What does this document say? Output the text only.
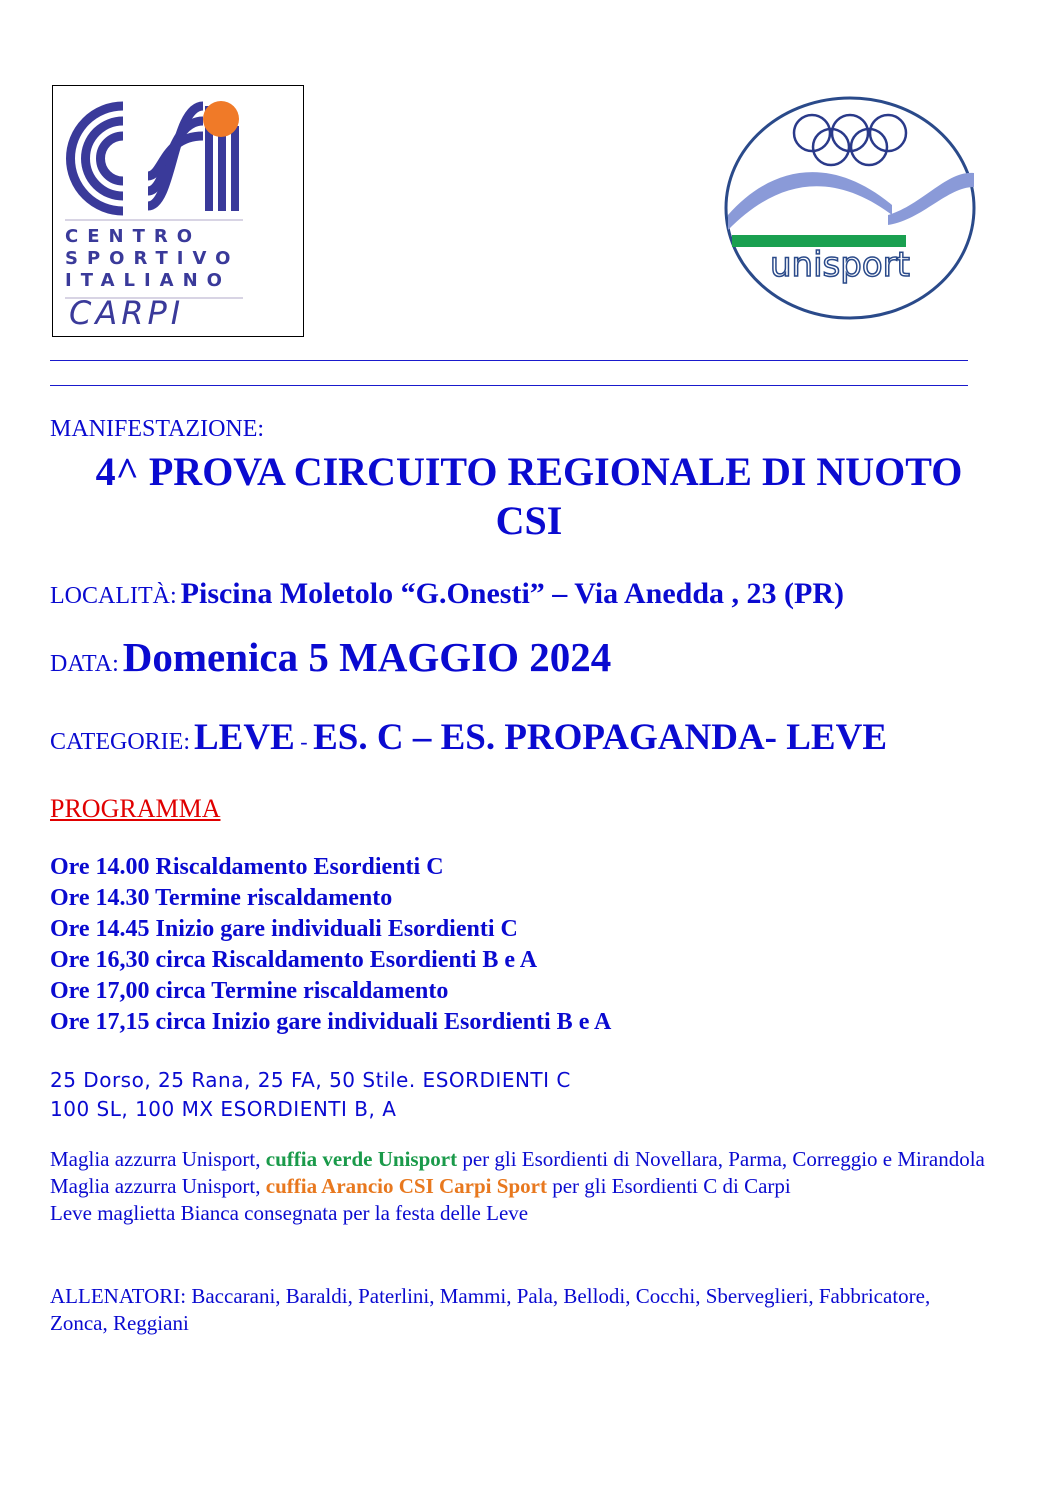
CENTRO
SPORTIVO
ITALIANO
CARPI
unisport
MANIFESTAZIONE:
4^ PROVA CIRCUITO REGIONALE DI NUOTO
CSI
LOCALITÀ: Piscina Moletolo “G.Onesti” – Via Anedda , 23 (PR)
DATA: Domenica 5 MAGGIO 2024
CATEGORIE: LEVE - ES. C – ES. PROPAGANDA- LEVE
PROGRAMMA
Ore 14.00 Riscaldamento Esordienti C
Ore 14.30 Termine riscaldamento
Ore 14.45 Inizio gare individuali Esordienti C
Ore 16,30 circa Riscaldamento Esordienti B e A
Ore 17,00 circa Termine riscaldamento
Ore 17,15 circa Inizio gare individuali Esordienti B e A
25 Dorso, 25 Rana, 25 FA, 50 Stile. ESORDIENTI C
100 SL, 100 MX ESORDIENTI B, A
Maglia azzurra Unisport, cuffia verde Unisport per gli Esordienti di Novellara, Parma, Correggio e Mirandola
Maglia azzurra Unisport, cuffia Arancio CSI Carpi Sport per gli Esordienti C di Carpi
Leve maglietta Bianca consegnata per la festa delle Leve
ALLENATORI: Baccarani, Baraldi, Paterlini, Mammi, Pala, Bellodi, Cocchi, Sberveglieri, Fabbricatore, Zonca, Reggiani
